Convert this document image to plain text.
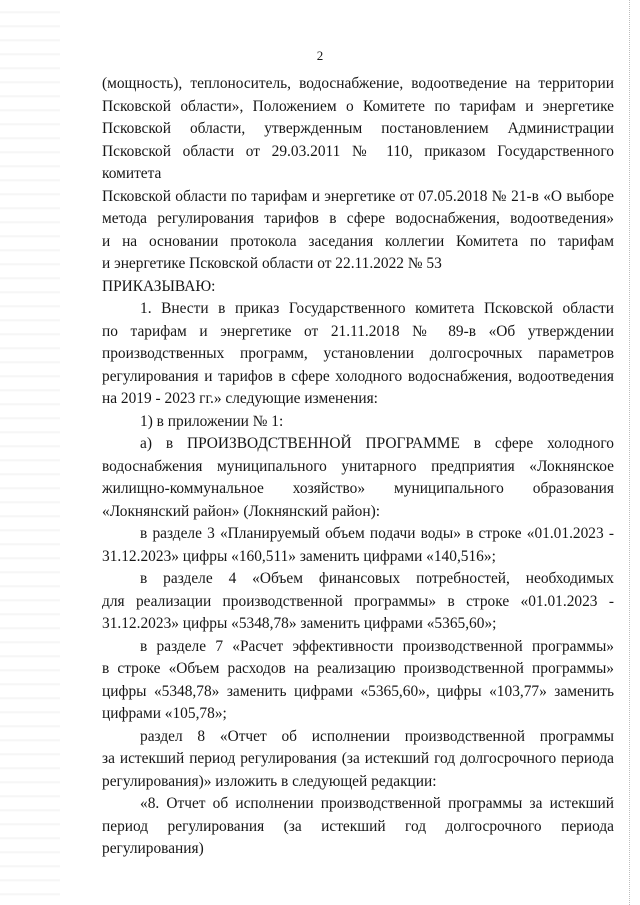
2
(мощность), теплоноситель, водоснабжение, водоотведение на территории
Псковской области», Положением о Комитете по тарифам и энергетике
Псковской области, утвержденным постановлением Администрации
Псковской области от 29.03.2011 № 110, приказом Государственного комитета
Псковской области по тарифам и энергетике от 07.05.2018 № 21-в «О выборе
метода регулирования тарифов в сфере водоснабжения, водоотведения»
и на основании протокола заседания коллегии Комитета по тарифам
и энергетике Псковской области от 22.11.2022 № 53
ПРИКАЗЫВАЮ:
1. Внести в приказ Государственного комитета Псковской области
по тарифам и энергетике от 21.11.2018 № 89-в «Об утверждении
производственных программ, установлении долгосрочных параметров
регулирования и тарифов в сфере холодного водоснабжения, водоотведения
на 2019 - 2023 гг.» следующие изменения:
1) в приложении № 1:
а) в ПРОИЗВОДСТВЕННОЙ ПРОГРАММЕ в сфере холодного
водоснабжения муниципального унитарного предприятия «Локнянское
жилищно-коммунальное хозяйство» муниципального образования
«Локнянский район» (Локнянский район):
в разделе 3 «Планируемый объем подачи воды» в строке «01.01.2023 -
31.12.2023» цифры «160,511» заменить цифрами «140,516»;
в разделе 4 «Объем финансовых потребностей, необходимых
для реализации производственной программы» в строке «01.01.2023 -
31.12.2023» цифры «5348,78» заменить цифрами «5365,60»;
в разделе 7 «Расчет эффективности производственной программы»
в строке «Объем расходов на реализацию производственной программы»
цифры «5348,78» заменить цифрами «5365,60», цифры «103,77» заменить
цифрами «105,78»;
раздел 8 «Отчет об исполнении производственной программы
за истекший период регулирования (за истекший год долгосрочного периода
регулирования)» изложить в следующей редакции:
«8. Отчет об исполнении производственной программы за истекший
период регулирования (за истекший год долгосрочного периода
регулирования)
